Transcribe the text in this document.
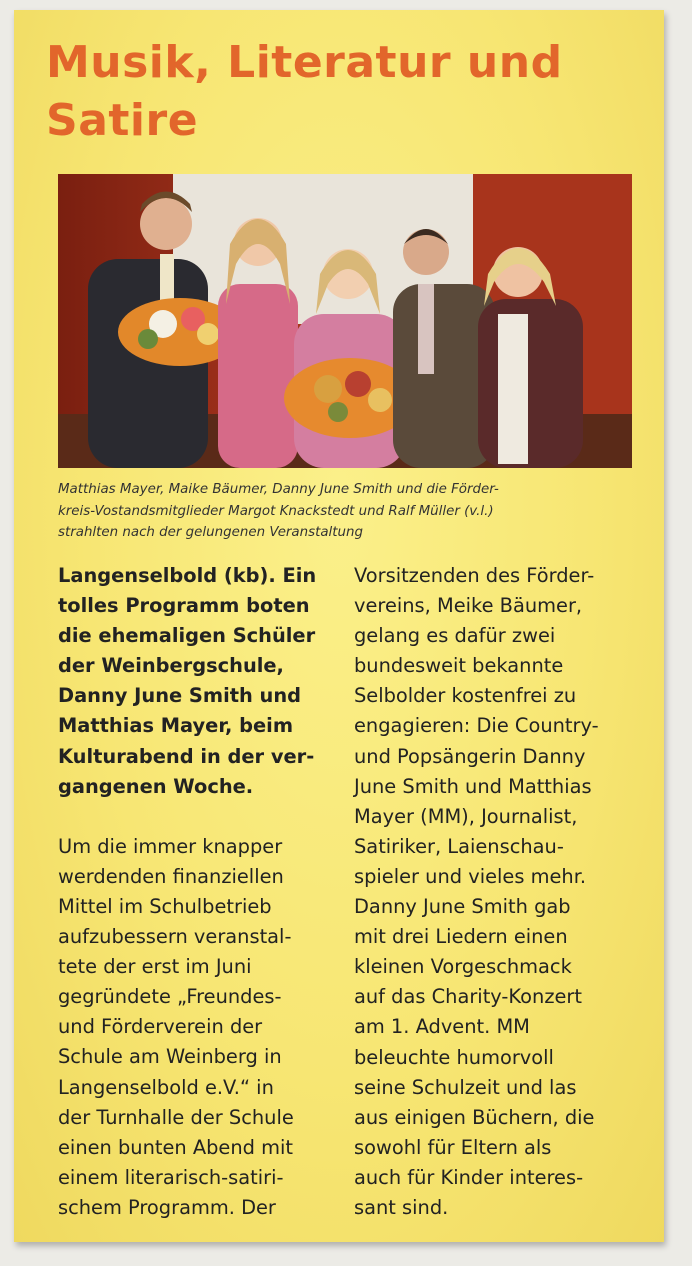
Musik, Literatur und
Satire
Matthias Mayer, Maike Bäumer, Danny June Smith und die Förder-
kreis-Vostandsmitglieder Margot Knackstedt und Ralf Müller (v.l.)
strahlten nach der gelungenen Veranstaltung
Langenselbold (kb). Ein
tolles Programm boten
die ehemaligen Schüler
der Weinbergschule,
Danny June Smith und
Matthias Mayer, beim
Kulturabend in der ver-
gangenen Woche.
Um die immer knapper
werdenden finanziellen
Mittel im Schulbetrieb
aufzubessern veranstal-
tete der erst im Juni
gegründete „Freundes-
und Förderverein der
Schule am Weinberg in
Langenselbold e.V.“ in
der Turnhalle der Schule
einen bunten Abend mit
einem literarisch-satiri-
schem Programm. Der
Vorsitzenden des Förder-
vereins, Meike Bäumer,
gelang es dafür zwei
bundesweit bekannte
Selbolder kostenfrei zu
engagieren: Die Country-
und Popsängerin Danny
June Smith und Matthias
Mayer (MM), Journalist,
Satiriker, Laienschau-
spieler und vieles mehr.
Danny June Smith gab
mit drei Liedern einen
kleinen Vorgeschmack
auf das Charity-Konzert
am 1. Advent. MM
beleuchte humorvoll
seine Schulzeit und las
aus einigen Büchern, die
sowohl für Eltern als
auch für Kinder interes-
sant sind.
